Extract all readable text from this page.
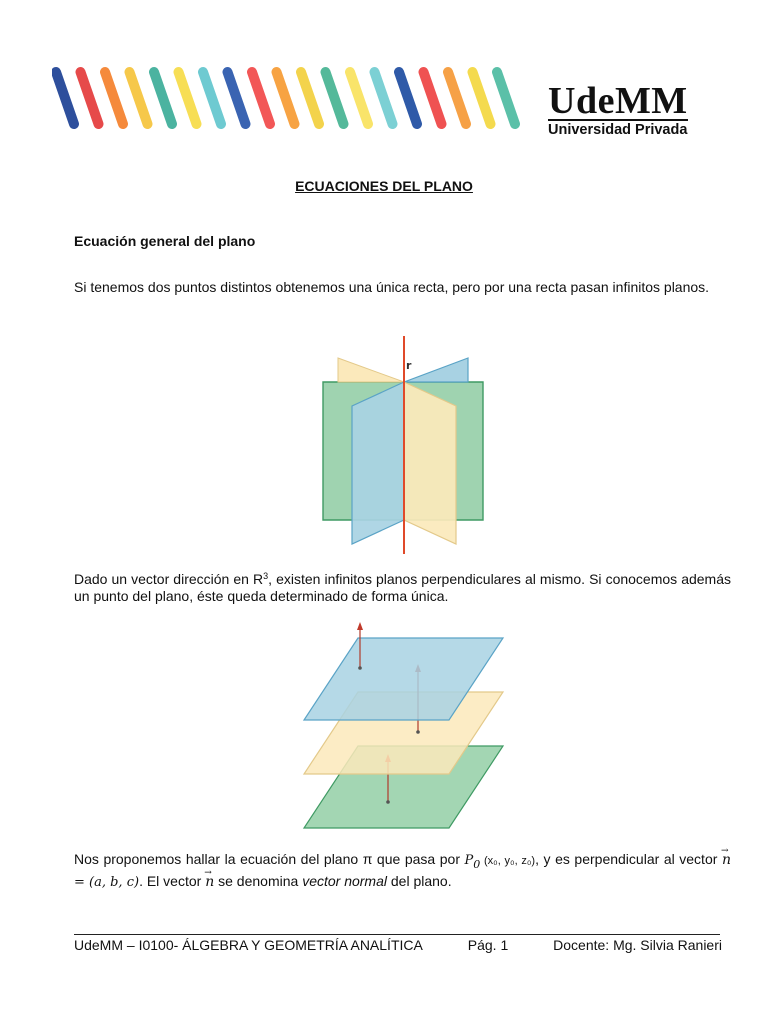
UdeMM
Universidad Privada
ECUACIONES DEL PLANO
Ecuación general del plano
Si tenemos dos puntos distintos obtenemos una única recta, pero por una recta pasan infinitos planos.
r
Dado un vector dirección en $R^3$, existen infinitos planos perpendiculares al mismo. Si conocemos además un punto del plano, éste queda determinado de forma única.
Nos proponemos hallar la ecuación del plano π que pasa por $P_0$ (x₀, y₀, z₀), y es perpendicular al vector → n = (a, b, c). El vector → n se denomina vector normal del plano.
UdeMM – I0100- ÁLGEBRA Y GEOMETRÍA ANALÍTICA	Pág. 1	Docente: Mg. Silvia Ranieri
